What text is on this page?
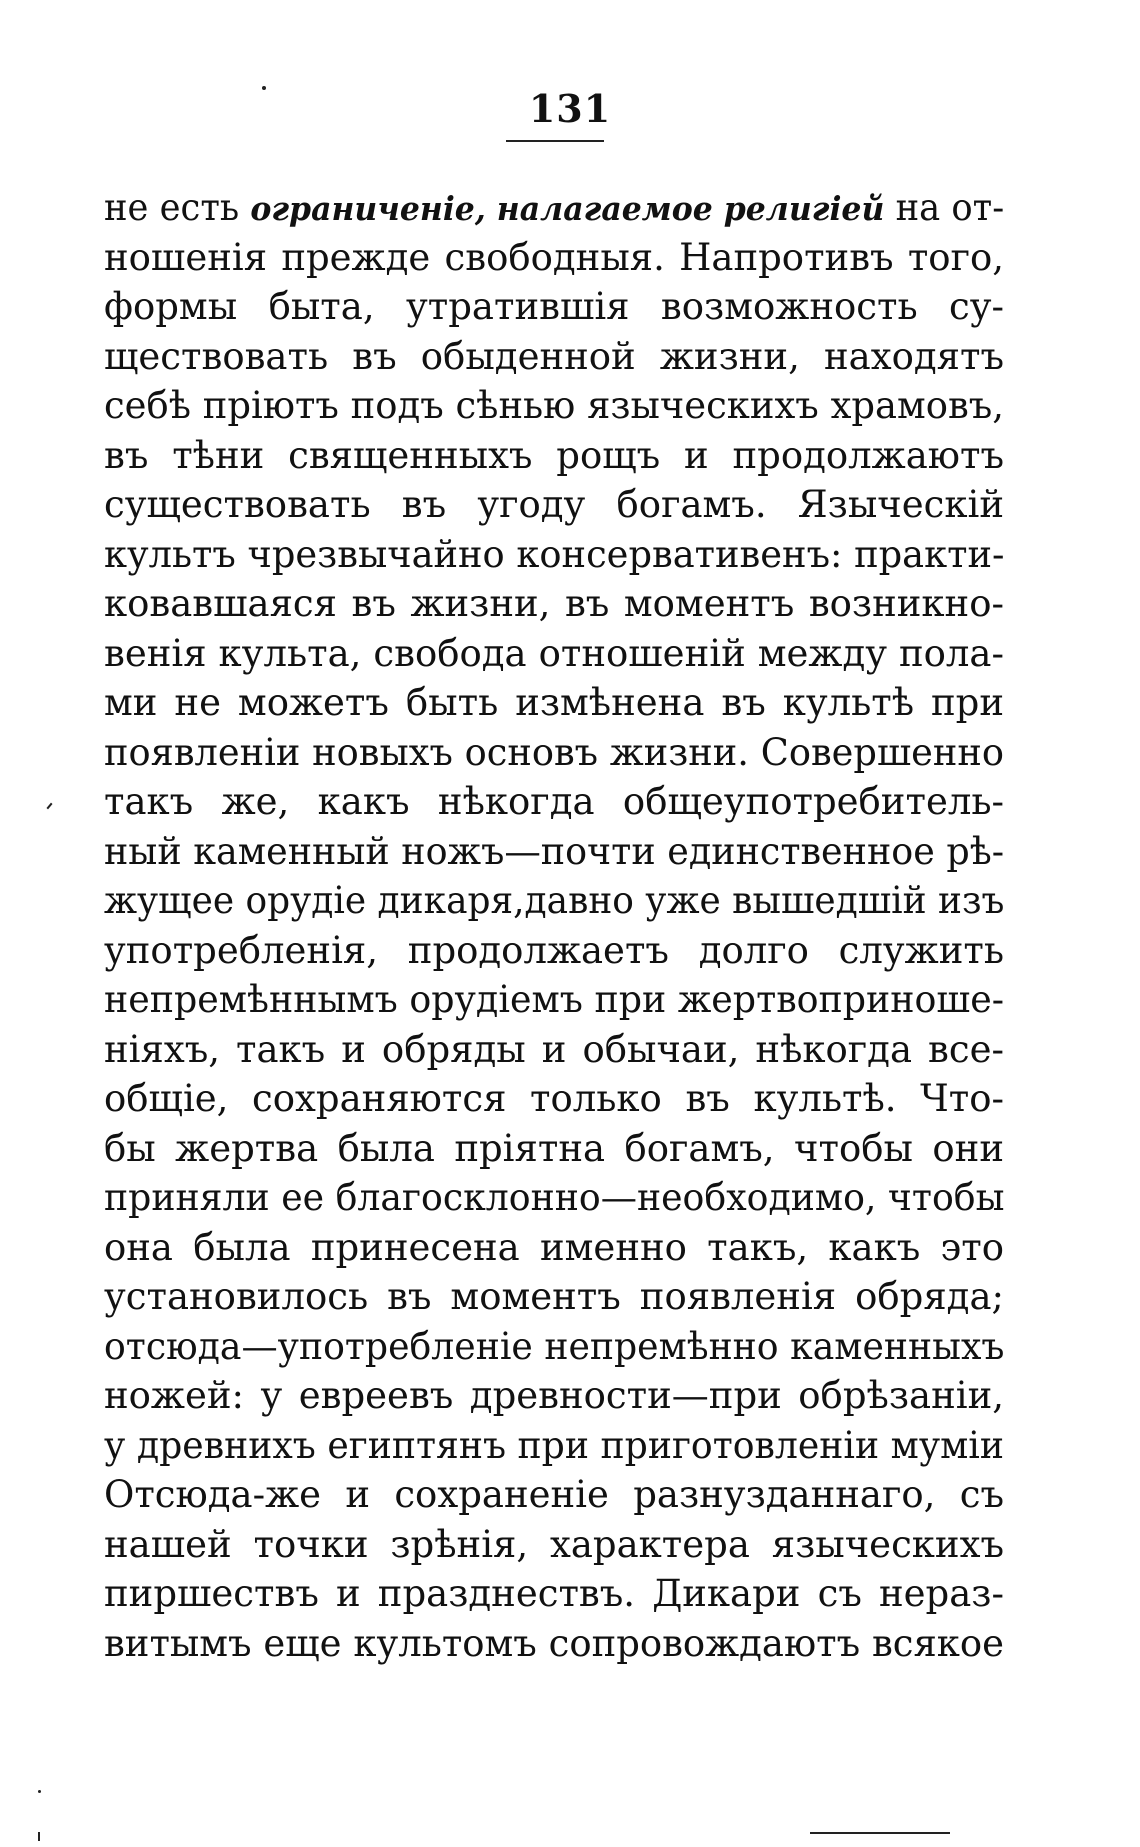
131
не есть ограниченіе, налагаемое религіей на от-
ношенія прежде свободныя. Напротивъ того,
формы быта, утратившія возможность су-
ществовать въ обыденной жизни, находятъ
себѣ пріютъ подъ сѣнью языческихъ храмовъ,
въ тѣни священныхъ рощъ и продолжаютъ
существовать въ угоду богамъ. Языческій
культъ чрезвычайно консервативенъ: практи-
ковавшаяся въ жизни, въ моментъ возникно-
венія культа, свобода отношеній между пола-
ми не можетъ быть измѣнена въ культѣ при
появленіи новыхъ основъ жизни. Совершенно
такъ же, какъ нѣкогда общеупотребитель-
ный каменный ножъ—почти единственное рѣ-
жущее орудіе дикаря,давно уже вышедшій изъ
употребленія, продолжаетъ долго служить
непремѣннымъ орудіемъ при жертвоприноше-
ніяхъ, такъ и обряды и обычаи, нѣкогда все-
общіе, сохраняются только въ культѣ. Что-
бы жертва была пріятна богамъ, чтобы они
приняли ее благосклонно—необходимо, чтобы
она была принесена именно такъ, какъ это
установилось въ моментъ появленія обряда;
отсюда—употребленіе непремѣнно каменныхъ
ножей: у евреевъ древности—при обрѣзаніи,
у древнихъ египтянъ при приготовленіи муміи
Отсюда-же и сохраненіе разнузданнаго, съ
нашей точки зрѣнія, характера языческихъ
пиршествъ и празднествъ. Дикари съ нераз-
витымъ еще культомъ сопровождаютъ всякое
